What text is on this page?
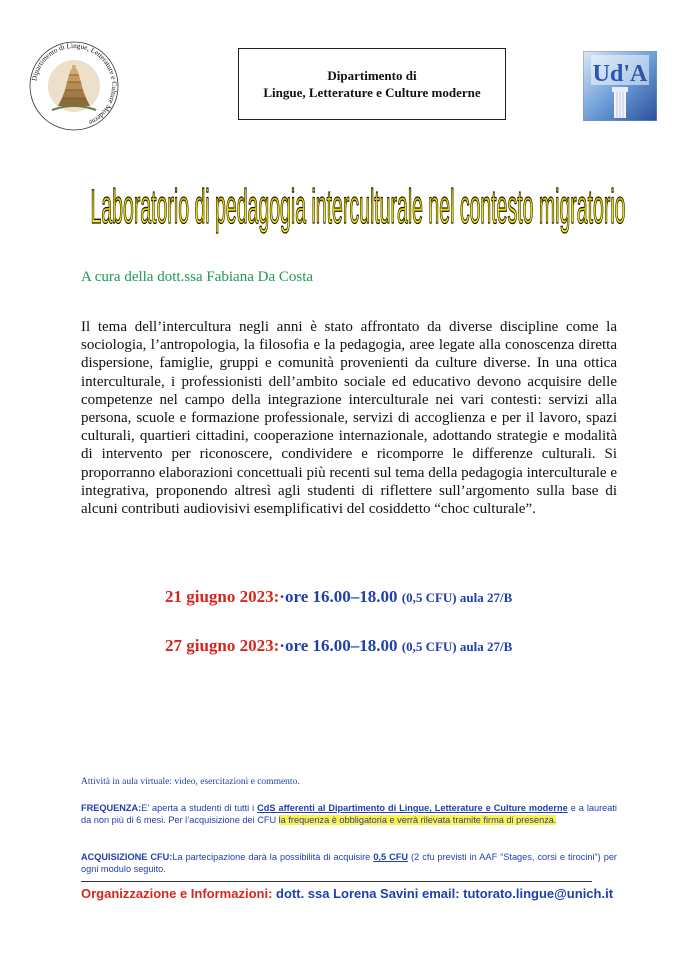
Dipartimento di Lingue, Letterature e Culture Moderne
Dipartimento di
Lingue, Letterature e Culture moderne
Ud'A
Laboratorio di pedagogia interculturale nel contesto migratorio
A cura della dott.ssa Fabiana Da Costa
Il tema dell’intercultura negli anni è stato affrontato da diverse discipline come la sociologia, l’antropologia, la filosofia e la pedagogia, aree legate alla conoscenza diretta dispersione, famiglie, gruppi e comunità provenienti da culture diverse. In una ottica interculturale, i professionisti dell’ambito sociale ed educativo devono acquisire delle competenze nel campo della integrazione interculturale nei vari contesti: servizi alla persona, scuole e formazione professionale, servizi di accoglienza e per il lavoro, spazi culturali, quartieri cittadini, cooperazione internazionale, adottando strategie e modalità di intervento per riconoscere, condividere e ricomporre le differenze culturali. Si proporranno elaborazioni concettuali più recenti sul tema della pedagogia interculturale e integrativa, proponendo altresì agli studenti di riflettere sull’argomento sulla base di alcuni contributi audiovisivi esemplificativi del cosiddetto “choc culturale”.
21 giugno 2023:·ore 16.00–18.00 (0,5 CFU) aula 27/B
27 giugno 2023:·ore 16.00–18.00 (0,5 CFU) aula 27/B
Attività in aula virtuale: video, esercitazioni e commento.
FREQUENZA:E’ aperta a studenti di tutti i CdS afferenti al Dipartimento di Lingue, Letterature e Culture moderne e a laureati da non più di 6 mesi. Per l’acquisizione dei CFU la frequenza è obbligatoria e verrà rilevata tramite firma di presenza.
ACQUISIZIONE CFU:La partecipazione darà la possibilità di acquisire 0,5 CFU (2 cfu previsti in AAF “Stages, corsi e tirocini”) per ogni modulo seguito.
Organizzazione e Informazioni: dott. ssa Lorena Savini email: tutorato.lingue@unich.it
